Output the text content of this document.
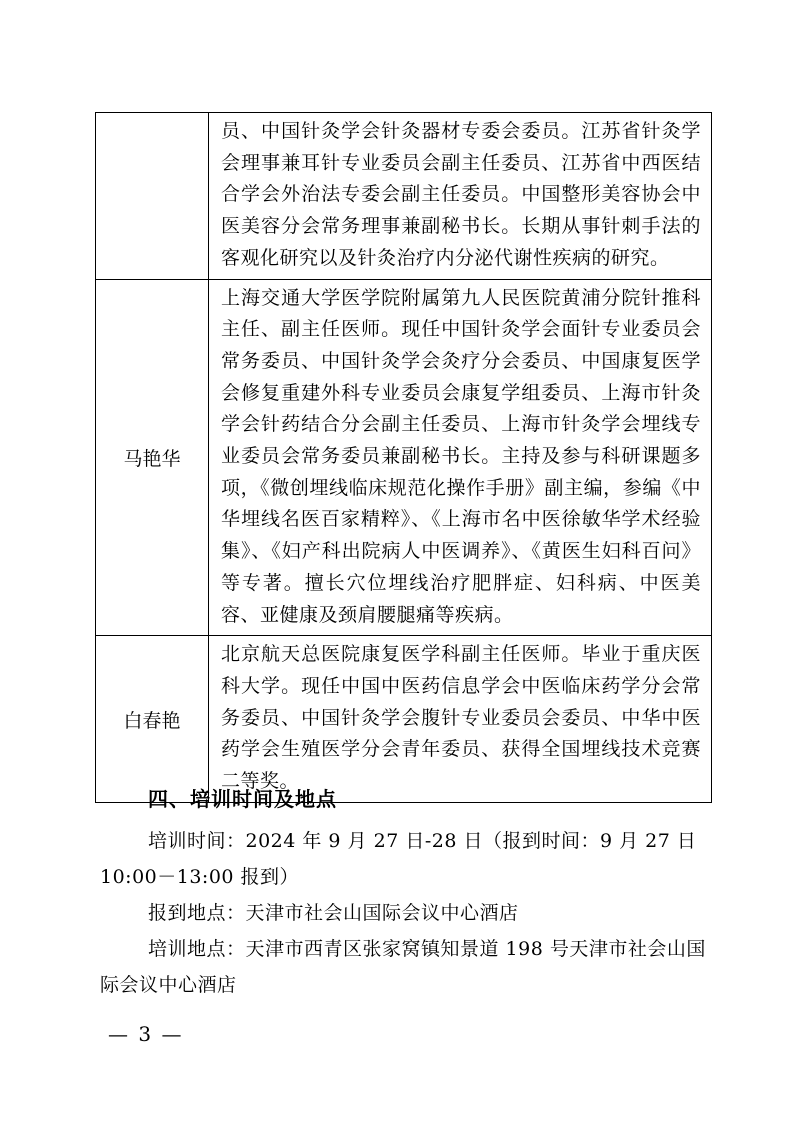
	员、中国针灸学会针灸器材专委会委员。江苏省针灸学会理事兼耳针专业委员会副主任委员、江苏省中西医结合学会外治法专委会副主任委员。中国整形美容协会中医美容分会常务理事兼副秘书长。长期从事针刺手法的客观化研究以及针灸治疗内分泌代谢性疾病的研究。
马艳华	上海交通大学医学院附属第九人民医院黄浦分院针推科主任、副主任医师。现任中国针灸学会面针专业委员会常务委员、中国针灸学会灸疗分会委员、中国康复医学会修复重建外科专业委员会康复学组委员、上海市针灸学会针药结合分会副主任委员、上海市针灸学会埋线专业委员会常务委员兼副秘书长。主持及参与科研课题多项，《微创埋线临床规范化操作手册》副主编，参编《中华埋线名医百家精粹》、《上海市名中医徐敏华学术经验集》、《妇产科出院病人中医调养》、《黄医生妇科百问》等专著。擅长穴位埋线治疗肥胖症、妇科病、中医美容、亚健康及颈肩腰腿痛等疾病。
白春艳	北京航天总医院康复医学科副主任医师。毕业于重庆医科大学。现任中国中医药信息学会中医临床药学分会常务委员、中国针灸学会腹针专业委员会委员、中华中医药学会生殖医学分会青年委员、获得全国埋线技术竞赛二等奖。
四、培训时间及地点
培训时间：2024 年 9 月 27 日-28 日（报到时间：9 月 27 日 10:00－13:00 报到）
报到地点：天津市社会山国际会议中心酒店
培训地点：天津市西青区张家窝镇知景道 198 号天津市社会山国际会议中心酒店
— 3 —
